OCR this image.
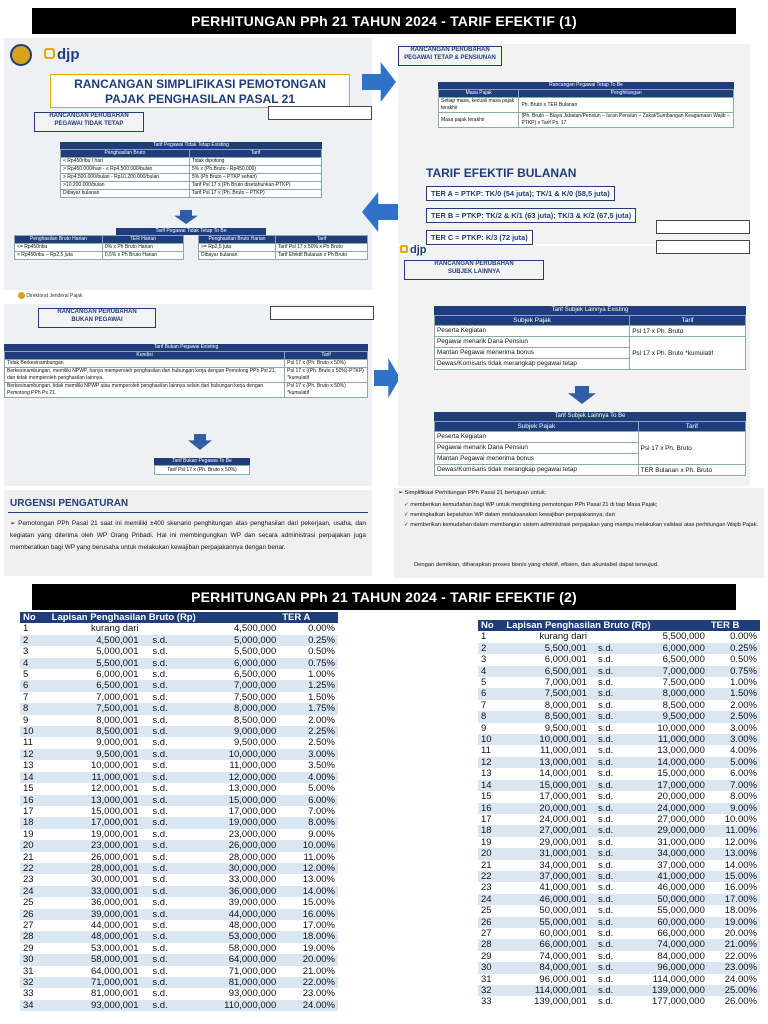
PERHITUNGAN PPh 21 TAHUN 2024 - TARIF EFEKTIF (1)
djp
RANCANGAN SIMPLIFIKASI PEMOTONGAN
PAJAK PENGHASILAN PASAL 21
RANCANGAN PERUBAHAN
PEGAWAI TIDAK TETAP
Tarif Pegawai Tidak Tetap Existing
Penghasilan Bruto	Tarif
< Rp450ribu / hari	Tidak dipotong
> Rp450.000/hari - ≤ Rp4.500.000/bulan	5% x (Ph.Bruto - Rp450.000)
> Rp4.500.000/bulan - Rp10.200.000/bulan	5% (Ph Bruto – PTKP sehari)
>10.200.000/bulan	Tarif Psl 17 x (Ph Bruto disetahunkan-PTKP)
Dibayar bulanan	Tarif Psl 17 x (Ph. Bruto – PTKP)
Tarif Pegawai Tidak Tetap To Be
Penghasilan Bruto Harian	TER Harian
<= Rp450ribu	0% x Ph Bruto Harian
> Rp450ribu – Rp2,5 juta	0,5% x Ph Bruto Harian
Penghasilan Bruto Harian	Tarif
>= Rp2,5 juta	Tarif Psl 17 x 50% x Ph Bruto
Dibayar bulanan	Tarif Efektif Bulanan x Ph Bruto
Direktorat Jenderal Pajak
RANCANGAN PERUBAHAN
PEGAWAI TETAP & PENSIUNAN
Rancangan Pegawai Tetap To Be
Masa Pajak	Penghitungan
Setiap masa, kecuali masa pajak terakhir	Ph. Bruto x TER Bulanan
Masa pajak terakhir	(Ph. Bruto – Biaya Jabatan/Pensiun – Iuran Pensiun – Zakat/Sumbangan Keagamaan Wajib – PTKP) x Tarif Ps. 17
TARIF EFEKTIF BULANAN
TER A = PTKP: TK/0 (54 juta); TK/1 & K/0 (58,5 juta)
TER B = PTKP: TK/2 & K/1 (63 juta); TK/3 & K/2 (67,5 juta)
TER C = PTKP: K/3 (72 juta)
RANCANGAN PERUBAHAN
BUKAN PEGAWAI
Tarif Bukan Pegawai Existing
Kondisi	Tarif
Tidak Berkesinambungan	Psl 17 x (Ph. Bruto x 50%)
Berkesinambungan, memiliki NPWP, hanya memperoleh penghasilan dari hubungan kerja dengan Pemotong PPh Psl 21, dan tidak memperoleh penghasilan lainnya.	Psl 17 x ((Ph. Bruto x 50%)-PTKP) *kumulatif
Berkesinambungan, tidak memiliki NPWP atau memperoleh penghasilan lainnya selain dari hubungan kerja dengan Pemotong PPh Ps 21.	Psl 17 x (Ph. Bruto x 50%) *kumulatif
Tarif Bukan Pegawai To Be
Tarif Psl 17 x (Ph. Bruto x 50%)
djp
RANCANGAN PERUBAHAN
SUBJEK LAINNYA
Tarif Subjek Lainnya Existing
Subjek Pajak	Tarif
Peserta Kegiatan	Psl 17 x Ph. Bruto
Pegawai menarik Dana Pensiun	Psl 17 x Ph. Bruto *kumulatif
Mantan Pegawai menerima bonus	
Dewas/Komisaris tidak merangkap pegawai tetap	
Tarif Subjek Lainnya To Be
Subjek Pajak	Tarif
Peserta Kegiatan	Psl 17 x Ph. Bruto
Pegawai menarik Dana Pensiun	
Mantan Pegawai menerima bonus	
Dewas/Komisaris tidak merangkap pegawai tetap	TER Bulanan x Ph. Bruto
URGENSI PENGATURAN
➢ Pemotongan PPh Pasal 21 saat ini memiliki ±400 skenario penghitungan atas penghasilan dari pekerjaan, usaha, dan kegiatan yang diterima oleh WP Orang Pribadi. Hal ini membingungkan WP dan secara administrasi perpajakan juga memberatkan bagi WP yang berusaha untuk melakukan kewajiban perpajakannya dengan benar.
➢ Simplifikasi Perhitungan PPh Pasal 21 bertujuan untuk:
✓ memberikan kemudahan bagi WP untuk menghitung pemotongan PPh Pasal 21 di tiap Masa Pajak;
✓ meningkatkan kepatuhan WP dalam melaksanakan kewajiban perpajakannya; dan
✓ memberikan kemudahan dalam membangun sistem administrasi perpajakan yang mampu melakukan validasi atas perhitungan Wajib Pajak.
Dengan demikian, diharapkan proses bisnis yang efektif, efisien, dan akuntabel dapat terwujud.
PERHITUNGAN PPh 21 TAHUN 2024 - TARIF EFEKTIF (2)
No	Lapisan Penghasilan Bruto (Rp)			TER A
1	kurang dari		4,500,000	0.00%
2	4,500,001	s.d.	5,000,000	0.25%
3	5,000,001	s.d.	5,500,000	0.50%
4	5,500,001	s.d.	6,000,000	0.75%
5	6,000,001	s.d.	6,500,000	1.00%
6	6,500,001	s.d.	7,000,000	1.25%
7	7,000,001	s.d.	7,500,000	1.50%
8	7,500,001	s.d.	8,000,000	1.75%
9	8,000,001	s.d.	8,500,000	2.00%
10	8,500,001	s.d.	9,000,000	2.25%
11	9,000,001	s.d.	9,500,000	2.50%
12	9,500,001	s.d.	10,000,000	3.00%
13	10,000,001	s.d.	11,000,000	3.50%
14	11,000,001	s.d.	12,000,000	4.00%
15	12,000,001	s.d.	13,000,000	5.00%
16	13,000,001	s.d.	15,000,000	6.00%
17	15,000,001	s.d.	17,000,000	7.00%
18	17,000,001	s.d.	19,000,000	8.00%
19	19,000,001	s.d.	23,000,000	9.00%
20	23,000,001	s.d.	26,000,000	10.00%
21	26,000,001	s.d.	28,000,000	11.00%
22	28,000,001	s.d.	30,000,000	12.00%
23	30,000,001	s.d.	33,000,000	13.00%
24	33,000,001	s.d.	36,000,000	14.00%
25	36,000,001	s.d.	39,000,000	15.00%
26	39,000,001	s.d.	44,000,000	16.00%
27	44,000,001	s.d.	48,000,000	17.00%
28	48,000,001	s.d.	53,000,000	18.00%
29	53,000,001	s.d.	58,000,000	19.00%
30	58,000,001	s.d.	64,000,000	20.00%
31	64,000,001	s.d.	71,000,000	21.00%
32	71,000,001	s.d.	81,000,000	22.00%
33	81,000,001	s.d.	93,000,000	23.00%
34	93,000,001	s.d.	110,000,000	24.00%
No	Lapisan Penghasilan Bruto (Rp)			TER B
1	kurang dari		5,500,000	0.00%
2	5,500,001	s.d.	6,000,000	0.25%
3	6,000,001	s.d.	6,500,000	0.50%
4	6,500,001	s.d.	7,000,000	0.75%
5	7,000,001	s.d.	7,500,000	1.00%
6	7,500,001	s.d.	8,000,000	1.50%
7	8,000,001	s.d.	8,500,000	2.00%
8	8,500,001	s.d.	9,500,000	2.50%
9	9,500,001	s.d.	10,000,000	3.00%
10	10,000,001	s.d.	11,000,000	3.00%
11	11,000,001	s.d.	13,000,000	4.00%
12	13,000,001	s.d.	14,000,000	5.00%
13	14,000,001	s.d.	15,000,000	6.00%
14	15,000,001	s.d.	17,000,000	7.00%
15	17,000,001	s.d.	20,000,000	8.00%
16	20,000,001	s.d.	24,000,000	9.00%
17	24,000,001	s.d.	27,000,000	10.00%
18	27,000,001	s.d.	29,000,000	11.00%
19	29,000,001	s.d.	31,000,000	12.00%
20	31,000,001	s.d.	34,000,000	13.00%
21	34,000,001	s.d.	37,000,000	14.00%
22	37,000,001	s.d.	41,000,000	15.00%
23	41,000,001	s.d.	46,000,000	16.00%
24	46,000,001	s.d.	50,000,000	17.00%
25	50,000,001	s.d.	55,000,000	18.00%
26	55,000,001	s.d.	60,000,000	19.00%
27	60,000,001	s.d.	66,000,000	20.00%
28	66,000,001	s.d.	74,000,000	21.00%
29	74,000,001	s.d.	84,000,000	22.00%
30	84,000,001	s.d.	96,000,000	23.00%
31	96,000,001	s.d.	114,000,000	24.00%
32	114,000,001	s.d.	139,000,000	25.00%
33	139,000,001	s.d.	177,000,000	26.00%
